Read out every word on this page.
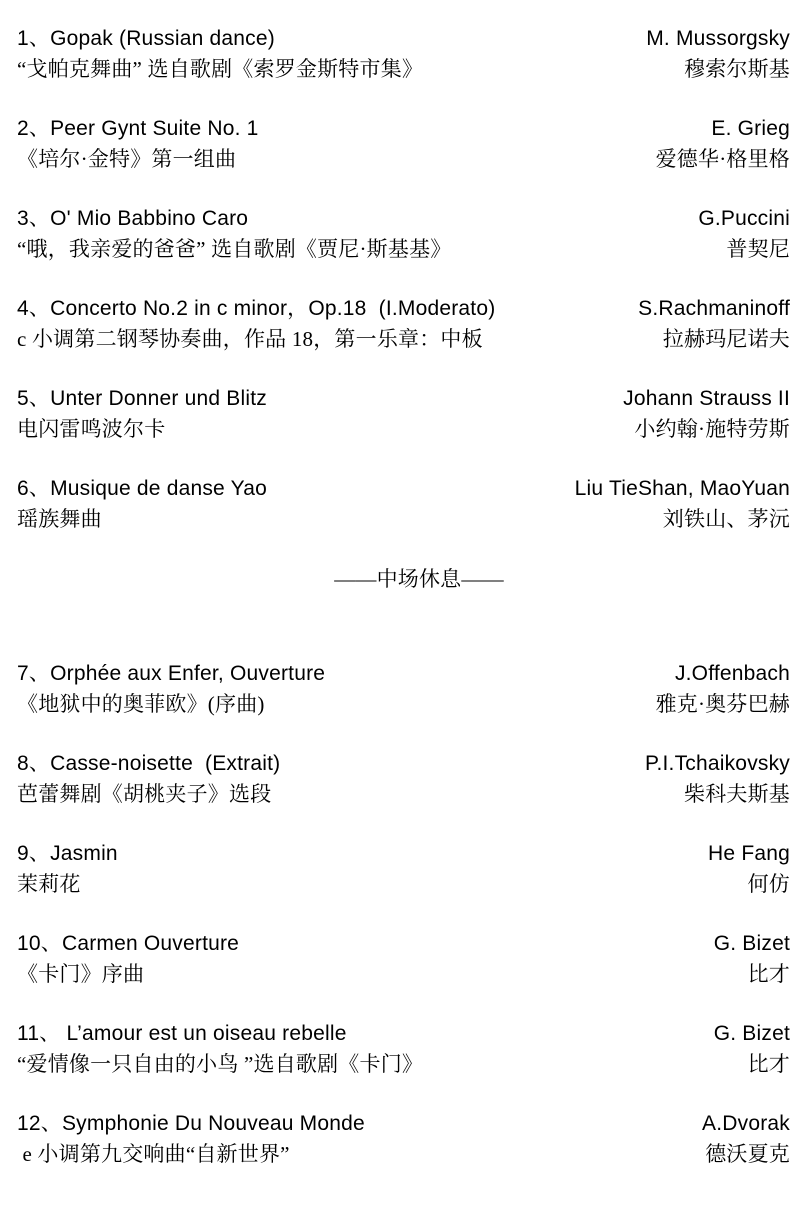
1、Gopak (Russian dance)	M. Mussorgsky
“戈帕克舞曲” 选自歌剧《索罗金斯特市集》	穆索尔斯基
2、Peer Gynt Suite No. 1	E. Grieg
《培尔·金特》第一组曲	爱德华·格里格
3、O' Mio Babbino Caro	G.Puccini
“哦，我亲爱的爸爸” 选自歌剧《贾尼·斯基基》	普契尼
4、Concerto No.2 in c minor，Op.18  (I.Moderato)	S.Rachmaninoff
c 小调第二钢琴协奏曲，作品 18，第一乐章：中板	拉赫玛尼诺夫
5、Unter Donner und Blitz	Johann Strauss II
电闪雷鸣波尔卡	小约翰·施特劳斯
6、Musique de danse Yao	Liu TieShan, MaoYuan
瑶族舞曲	刘铁山、茅沅
——中场休息——
7、Orphée aux Enfer, Ouverture	J.Offenbach
《地狱中的奥菲欧》(序曲)	雅克·奥芬巴赫
8、Casse-noisette  (Extrait)	P.I.Tchaikovsky
芭蕾舞剧《胡桃夹子》选段	柴科夫斯基
9、Jasmin	He Fang
茉莉花	何仿
10、Carmen Ouverture	G. Bizet
《卡门》序曲	比才
11、 L’amour est un oiseau rebelle	G. Bizet
“爱情像一只自由的小鸟 ”选自歌剧《卡门》	比才
12、Symphonie Du Nouveau Monde	A.Dvorak
e 小调第九交响曲“自新世界”	德沃夏克
